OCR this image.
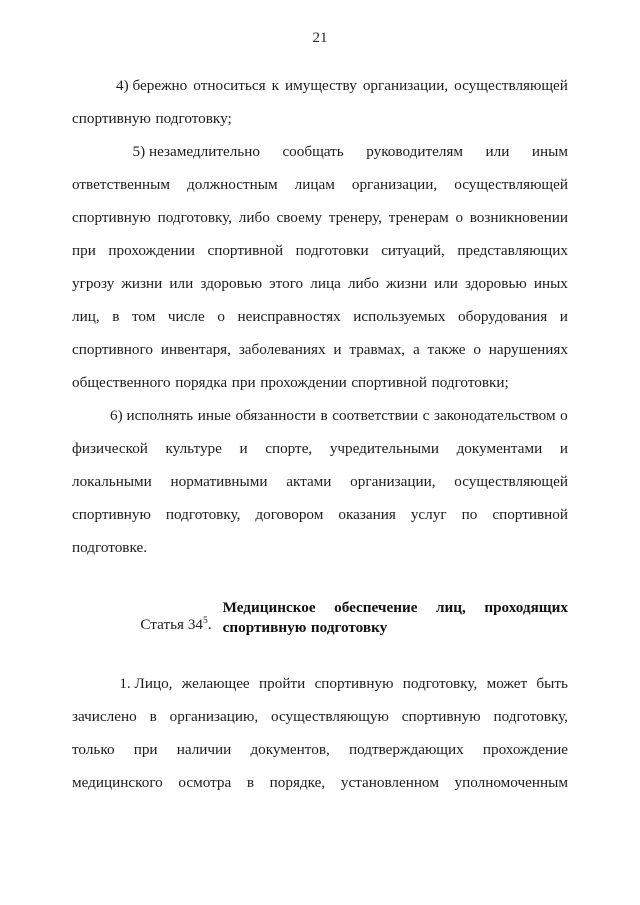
21
4) бережно относиться к имуществу организации, осуществляющей
спортивную подготовку;
5) незамедлительно сообщать руководителям или иным
ответственным должностным лицам организации, осуществляющей
спортивную подготовку, либо своему тренеру, тренерам о возникновении
при прохождении спортивной подготовки ситуаций, представляющих
угрозу жизни или здоровью этого лица либо жизни или здоровью иных
лиц, в том числе о неисправностях используемых оборудования и
спортивного инвентаря, заболеваниях и травмах, а также о нарушениях
общественного порядка при прохождении спортивной подготовки;
6) исполнять иные обязанности в соответствии с законодательством о
физической культуре и спорте, учредительными документами и
локальными нормативными актами организации, осуществляющей
спортивную подготовку, договором оказания услуг по спортивной
подготовке.

Статья $34^5$.

Медицинское обеспечение лиц, проходящих
спортивную подготовку
1. Лицо, желающее пройти спортивную подготовку, может быть
зачислено в организацию, осуществляющую спортивную подготовку,
только при наличии документов, подтверждающих прохождение
медицинского осмотра в порядке, установленном уполномоченным
